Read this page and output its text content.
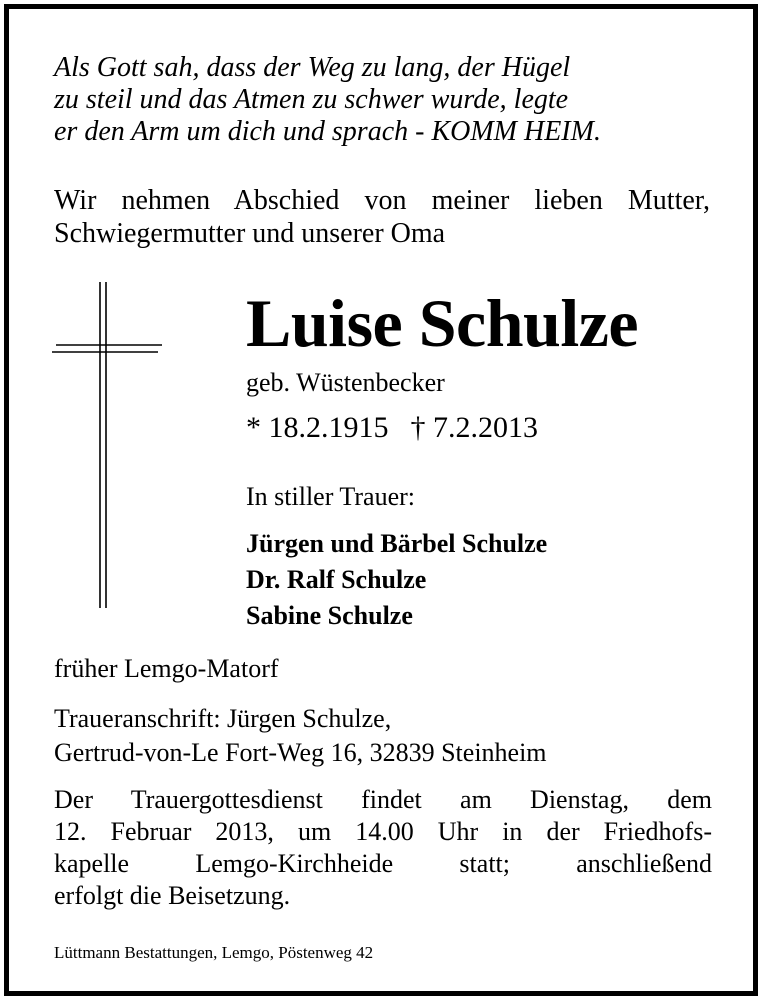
Als Gott sah, dass der Weg zu lang, der Hügel
zu steil und das Atmen zu schwer wurde, legte
er den Arm um dich und sprach - KOMM HEIM.

Wir nehmen Abschied von meiner lieben Mutter,
Schwiegermutter und unserer Oma

Luise Schulze

geb. Wüstenbecker

* 18.2.1915 † 7.2.2013

In stiller Trauer:

Jürgen und Bärbel Schulze
Dr. Ralf Schulze
Sabine Schulze

früher Lemgo-Matorf

Traueranschrift: Jürgen Schulze,
Gertrud-von-Le Fort-Weg 16, 32839 Steinheim

Der Trauergottesdienst findet am Dienstag, dem
12. Februar 2013, um 14.00 Uhr in der Friedhofs-
kapelle Lemgo-Kirchheide statt; anschließend
erfolgt die Beisetzung.

Lüttmann Bestattungen, Lemgo, Pöstenweg 42
